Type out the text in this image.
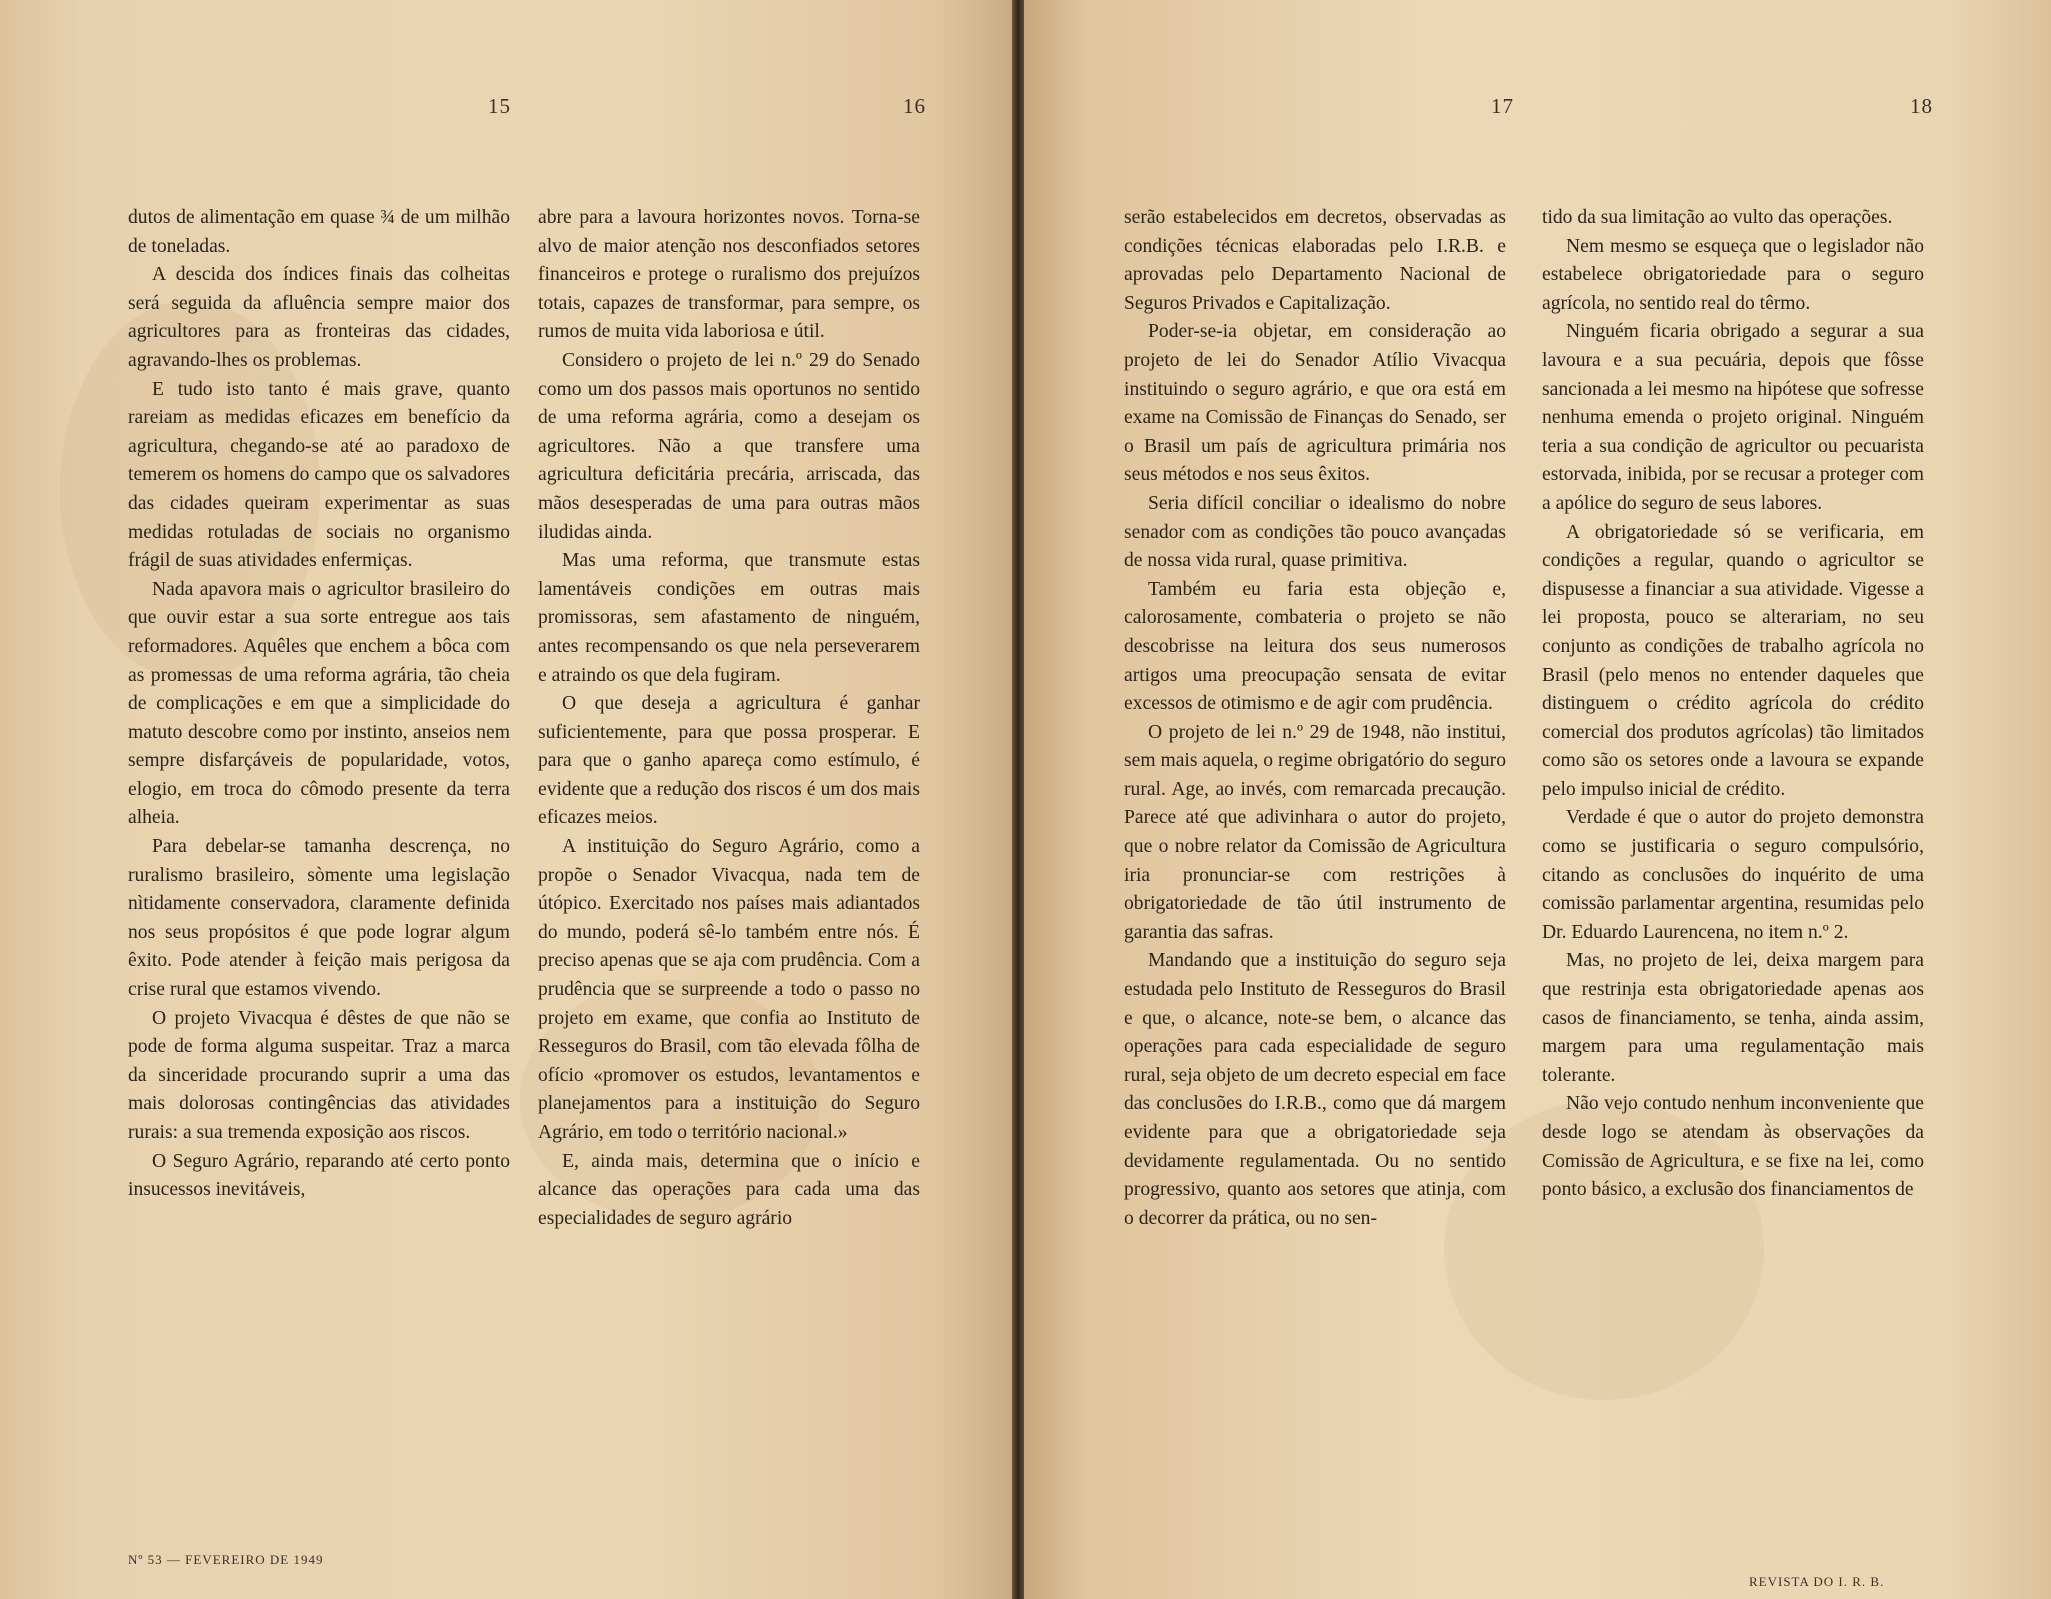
15	16

dutos de alimentação em quase ¾ de um milhão de toneladas.

A descida dos índices finais das colheitas será seguida da afluência sempre maior dos agricultores para as fronteiras das cidades, agravando-lhes os problemas.

E tudo isto tanto é mais grave, quanto rareiam as medidas eficazes em benefício da agricultura, chegando-se até ao paradoxo de temerem os homens do campo que os salvadores das cidades queiram experimentar as suas medidas rotuladas de sociais no organismo frágil de suas atividades enfermiças.

Nada apavora mais o agricultor brasileiro do que ouvir estar a sua sorte entregue aos tais reformadores. Aquêles que enchem a bôca com as promessas de uma reforma agrária, tão cheia de complicações e em que a simplicidade do matuto descobre como por instinto, anseios nem sempre disfarçáveis de popularidade, votos, elogio, em troca do cômodo presente da terra alheia.

Para debelar-se tamanha descrença, no ruralismo brasileiro, sòmente uma legislação nìtidamente conservadora, claramente definida nos seus propósitos é que pode lograr algum êxito. Pode atender à feição mais perigosa da crise rural que estamos vivendo.

O projeto Vivacqua é dêstes de que não se pode de forma alguma suspeitar. Traz a marca da sinceridade procurando suprir a uma das mais dolorosas contingências das atividades rurais: a sua tremenda exposição aos riscos.

O Seguro Agrário, reparando até certo ponto insucessos inevitáveis,

abre para a lavoura horizontes novos. Torna-se alvo de maior atenção nos desconfiados setores financeiros e protege o ruralismo dos prejuízos totais, capazes de transformar, para sempre, os rumos de muita vida laboriosa e útil.

Considero o projeto de lei n.º 29 do Senado como um dos passos mais oportunos no sentido de uma reforma agrária, como a desejam os agricultores. Não a que transfere uma agricultura deficitária precária, arriscada, das mãos desesperadas de uma para outras mãos iludidas ainda.

Mas uma reforma, que transmute estas lamentáveis condições em outras mais promissoras, sem afastamento de ninguém, antes recompensando os que nela perseverarem e atraindo os que dela fugiram.

O que deseja a agricultura é ganhar suficientemente, para que possa prosperar. E para que o ganho apareça como estímulo, é evidente que a redução dos riscos é um dos mais eficazes meios.

A instituição do Seguro Agrário, como a propõe o Senador Vivacqua, nada tem de útópico. Exercitado nos países mais adiantados do mundo, poderá sê-lo também entre nós. É preciso apenas que se aja com prudência. Com a prudência que se surpreende a todo o passo no projeto em exame, que confia ao Instituto de Resseguros do Brasil, com tão elevada fôlha de ofício «promover os estudos, levantamentos e planejamentos para a instituição do Seguro Agrário, em todo o território nacional.»

E, ainda mais, determina que o início e alcance das operações para cada uma das especialidades de seguro agrário

Nº 53 — FEVEREIRO DE 1949
17	18

serão estabelecidos em decretos, observadas as condições técnicas elaboradas pelo I.R.B. e aprovadas pelo Departamento Nacional de Seguros Privados e Capitalização.

Poder-se-ia objetar, em consideração ao projeto de lei do Senador Atílio Vivacqua instituindo o seguro agrário, e que ora está em exame na Comissão de Finanças do Senado, ser o Brasil um país de agricultura primária nos seus métodos e nos seus êxitos.

Seria difícil conciliar o idealismo do nobre senador com as condições tão pouco avançadas de nossa vida rural, quase primitiva.

Também eu faria esta objeção e, calorosamente, combateria o projeto se não descobrisse na leitura dos seus numerosos artigos uma preocupação sensata de evitar excessos de otimismo e de agir com prudência.

O projeto de lei n.º 29 de 1948, não institui, sem mais aquela, o regime obrigatório do seguro rural. Age, ao invés, com remarcada precaução. Parece até que adivinhara o autor do projeto, que o nobre relator da Comissão de Agricultura iria pronunciar-se com restrições à obrigatoriedade de tão útil instrumento de garantia das safras.

Mandando que a instituição do seguro seja estudada pelo Instituto de Resseguros do Brasil e que, o alcance, note-se bem, o alcance das operações para cada especialidade de seguro rural, seja objeto de um decreto especial em face das conclusões do I.R.B., como que dá margem evidente para que a obrigatoriedade seja devidamente regulamentada. Ou no sentido progressivo, quanto aos setores que atinja, com o decorrer da prática, ou no sen-

tido da sua limitação ao vulto das operações.

Nem mesmo se esqueça que o legislador não estabelece obrigatoriedade para o seguro agrícola, no sentido real do têrmo.

Ninguém ficaria obrigado a segurar a sua lavoura e a sua pecuária, depois que fôsse sancionada a lei mesmo na hipótese que sofresse nenhuma emenda o projeto original. Ninguém teria a sua condição de agricultor ou pecuarista estorvada, inibida, por se recusar a proteger com a apólice do seguro de seus labores.

A obrigatoriedade só se verificaria, em condições a regular, quando o agricultor se dispusesse a financiar a sua atividade. Vigesse a lei proposta, pouco se alterariam, no seu conjunto as condições de trabalho agrícola no Brasil (pelo menos no entender daqueles que distinguem o crédito agrícola do crédito comercial dos produtos agrícolas) tão limitados como são os setores onde a lavoura se expande pelo impulso inicial de crédito.

Verdade é que o autor do projeto demonstra como se justificaria o seguro compulsório, citando as conclusões do inquérito de uma comissão parlamentar argentina, resumidas pelo Dr. Eduardo Laurencena, no item n.º 2.

Mas, no projeto de lei, deixa margem para que restrinja esta obrigatoriedade apenas aos casos de financiamento, se tenha, ainda assim, margem para uma regulamentação mais tolerante.

Não vejo contudo nenhum inconveniente que desde logo se atendam às observações da Comissão de Agricultura, e se fixe na lei, como ponto básico, a exclusão dos financiamentos de

REVISTA DO I. R. B.
